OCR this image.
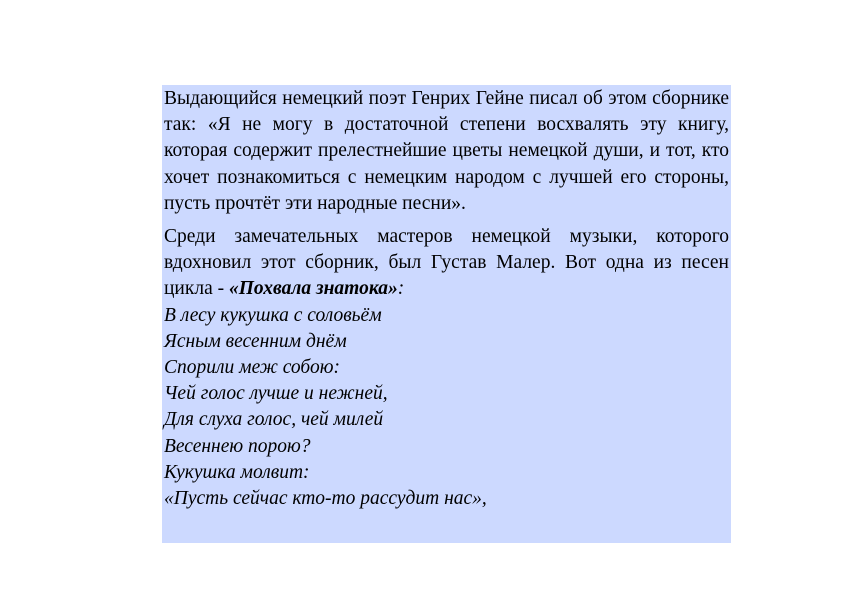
Выдающийся немецкий поэт Генрих Гейне писал об этом сборнике так: «Я не могу в достаточной степени восхвалять эту книгу, которая содержит прелестнейшие цветы немецкой души, и тот, кто хочет познакомиться с немецким народом с лучшей его стороны, пусть прочтёт эти народные песни».

Среди замечательных мастеров немецкой музыки, которого вдохновил этот сборник, был Густав Малер. Вот одна из песен цикла - «Похвала знатока»:

В лесу кукушка с соловьём

Ясным весенним днём

Спорили меж собою:

Чей голос лучше и нежней,

Для слуха голос, чей милей

Весеннею порою?

Кукушка молвит:

«Пусть сейчас кто-то рассудит нас»,
